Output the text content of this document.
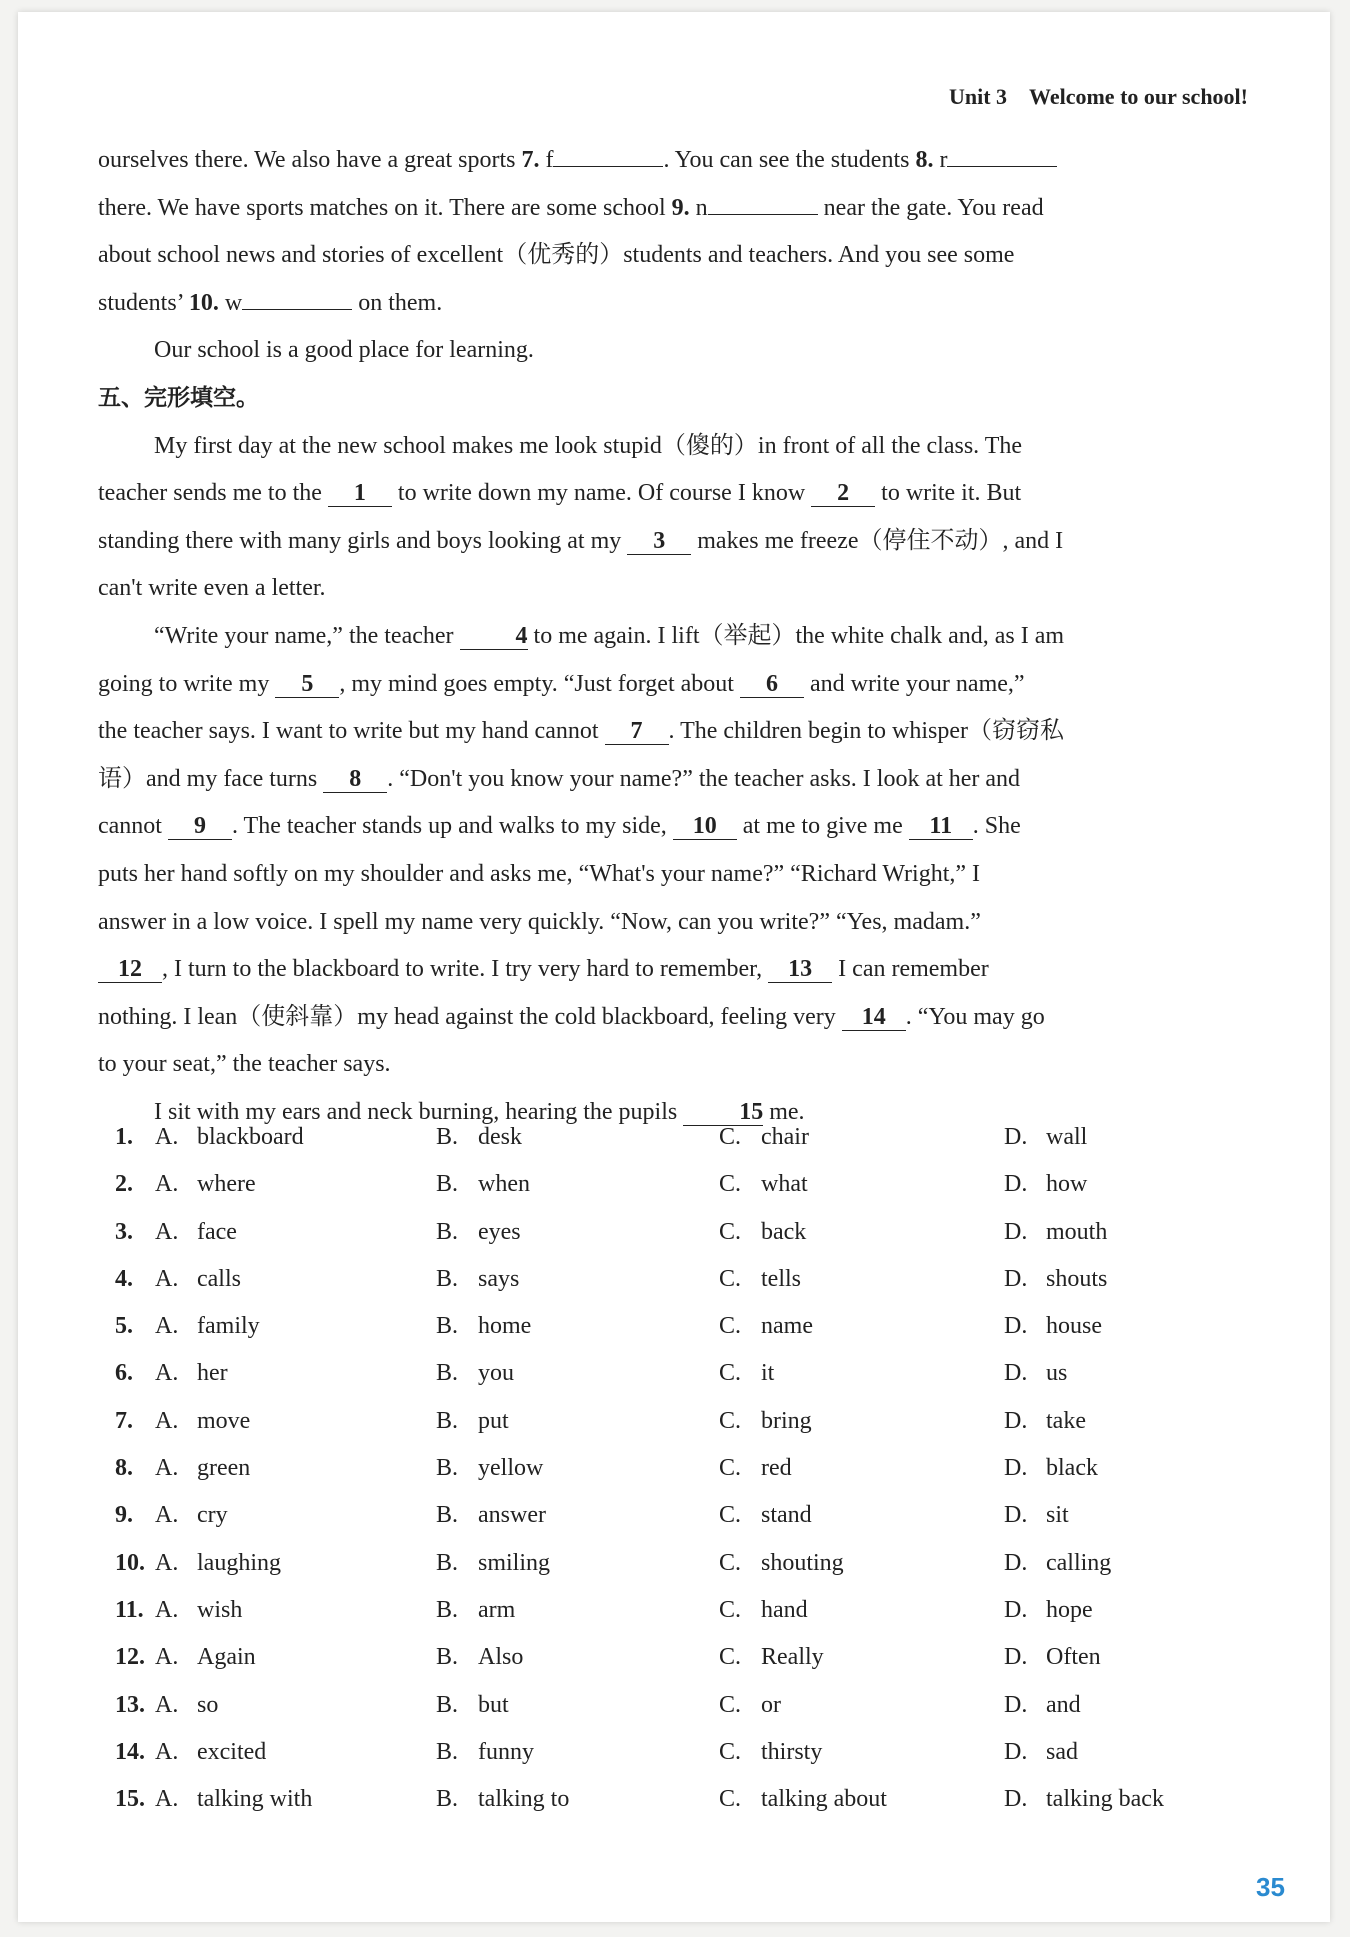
Unit 3 Welcome to our school!

ourselves there. We also have a great sports 7. f	. You can see the students 8. r

there. We have sports matches on it. There are some school 9. n	near the gate. You read

about school news and stories of excellent（优秀的）students and teachers. And you see some

students’ 10. w	on them.

Our school is a good place for learning.

五、完形填空。

My first day at the new school makes me look stupid（傻的）in front of all the class. The

teacher sends me to the 1 to write down my name. Of course I know 2 to write it. But

standing there with many girls and boys looking at my 3 makes me freeze（停住不动）, and I

can't write even a letter.

“Write your name,” the teacher	4 to me again. I lift（举起）the white chalk and, as I am

going to write my 5 , my mind goes empty. “Just forget about 6 and write your name,”

the teacher says. I want to write but my hand cannot 7 . The children begin to whisper（窃窃私

语）and my face turns 8 . “Don't you know your name?” the teacher asks. I look at her and

cannot 9 . The teacher stands up and walks to my side, 10 at me to give me 11 . She

puts her hand softly on my shoulder and asks me, “What's your name?” “Richard Wright,” I

answer in a low voice. I spell my name very quickly. “Now, can you write?” “Yes, madam.”

12 , I turn to the blackboard to write. I try very hard to remember, 13 I can remember

nothing. I lean（使斜靠）my head against the cold blackboard, feeling very 14 . “You may go

to your seat,” the teacher says.

I sit with my ears and neck burning, hearing the pupils	15 me.

1. A. blackboard	B. desk	C. chair	D. wall
2. A. where	B. when	C. what	D. how
3. A. face	B. eyes	C. back	D. mouth
4. A. calls	B. says	C. tells	D. shouts
5. A. family	B. home	C. name	D. house
6. A. her	B. you	C. it	D. us
7. A. move	B. put	C. bring	D. take
8. A. green	B. yellow	C. red	D. black
9. A. cry	B. answer	C. stand	D. sit
10. A. laughing	B. smiling	C. shouting	D. calling
11. A. wish	B. arm	C. hand	D. hope
12. A. Again	B. Also	C. Really	D. Often
13. A. so	B. but	C. or	D. and
14. A. excited	B. funny	C. thirsty	D. sad
15. A. talking with	B. talking to	C. talking about	D. talking back
35
